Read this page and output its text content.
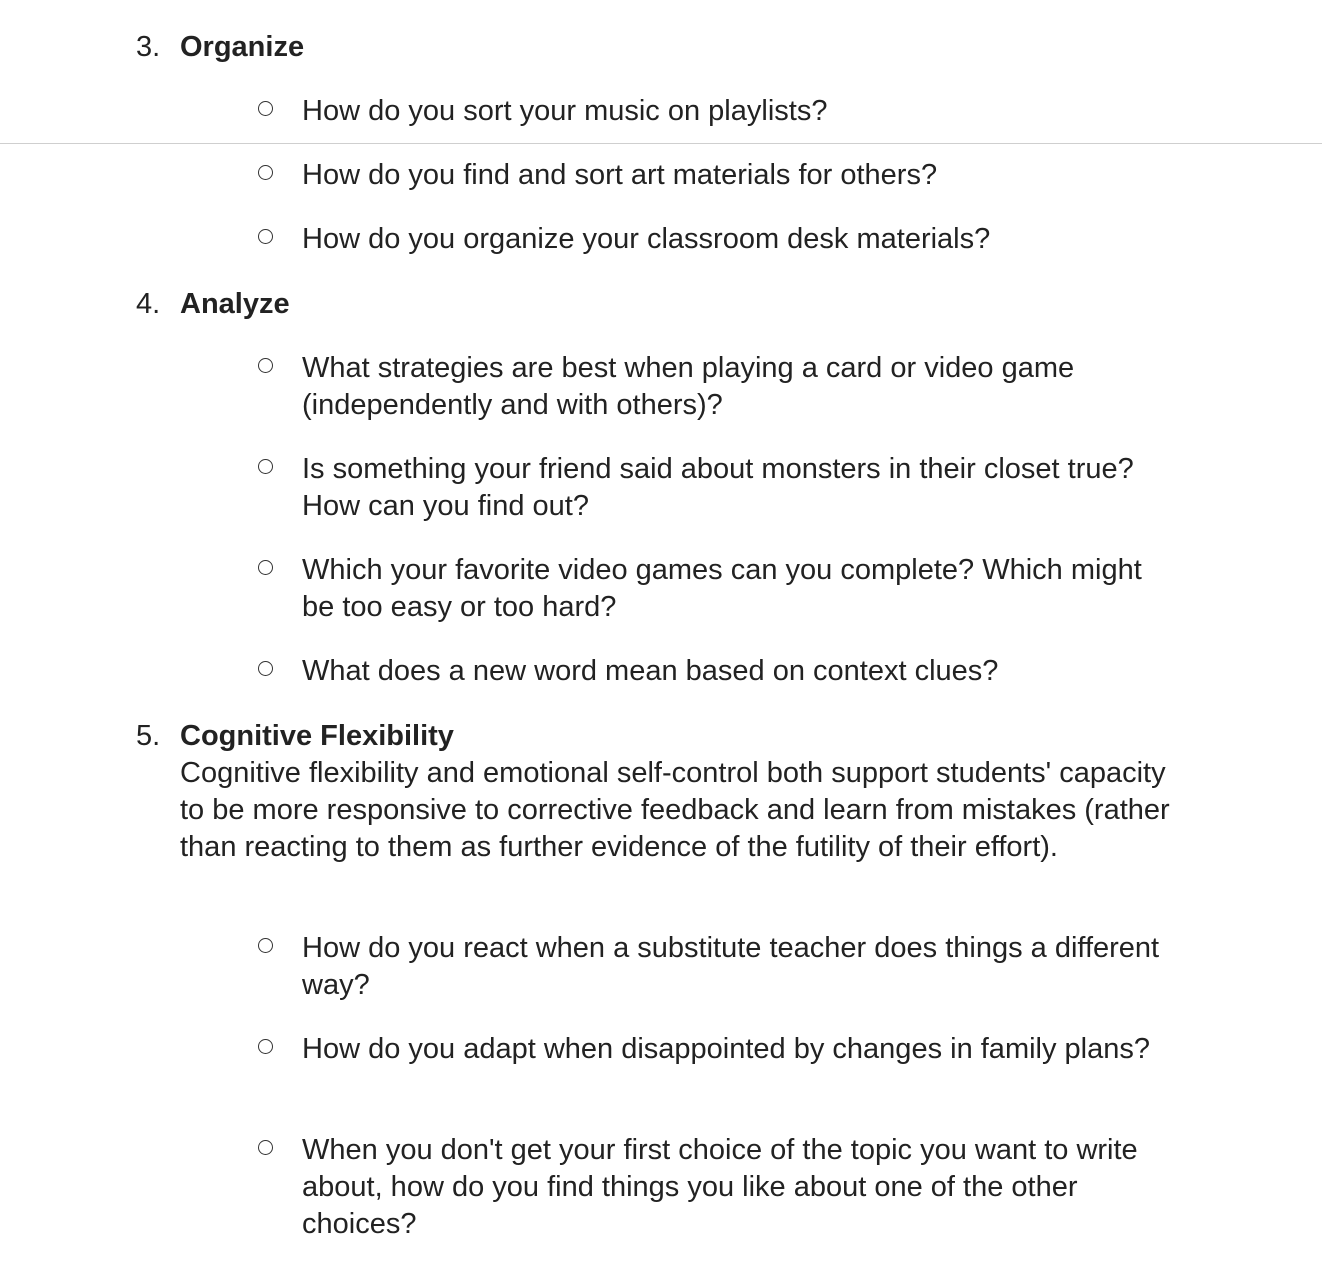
3. Organize
How do you sort your music on playlists?
How do you find and sort art materials for others?
How do you organize your classroom desk materials?
4. Analyze
What strategies are best when playing a card or video game (independently and with others)?
Is something your friend said about monsters in their closet true? How can you find out?
Which your favorite video games can you complete? Which might be too easy or too hard?
What does a new word mean based on context clues?
5. Cognitive Flexibility
Cognitive flexibility and emotional self-control both support students' capacity to be more responsive to corrective feedback and learn from mistakes (rather than reacting to them as further evidence of the futility of their effort).
How do you react when a substitute teacher does things a different way?
How do you adapt when disappointed by changes in family plans?
When you don't get your first choice of the topic you want to write about, how do you find things you like about one of the other choices?
